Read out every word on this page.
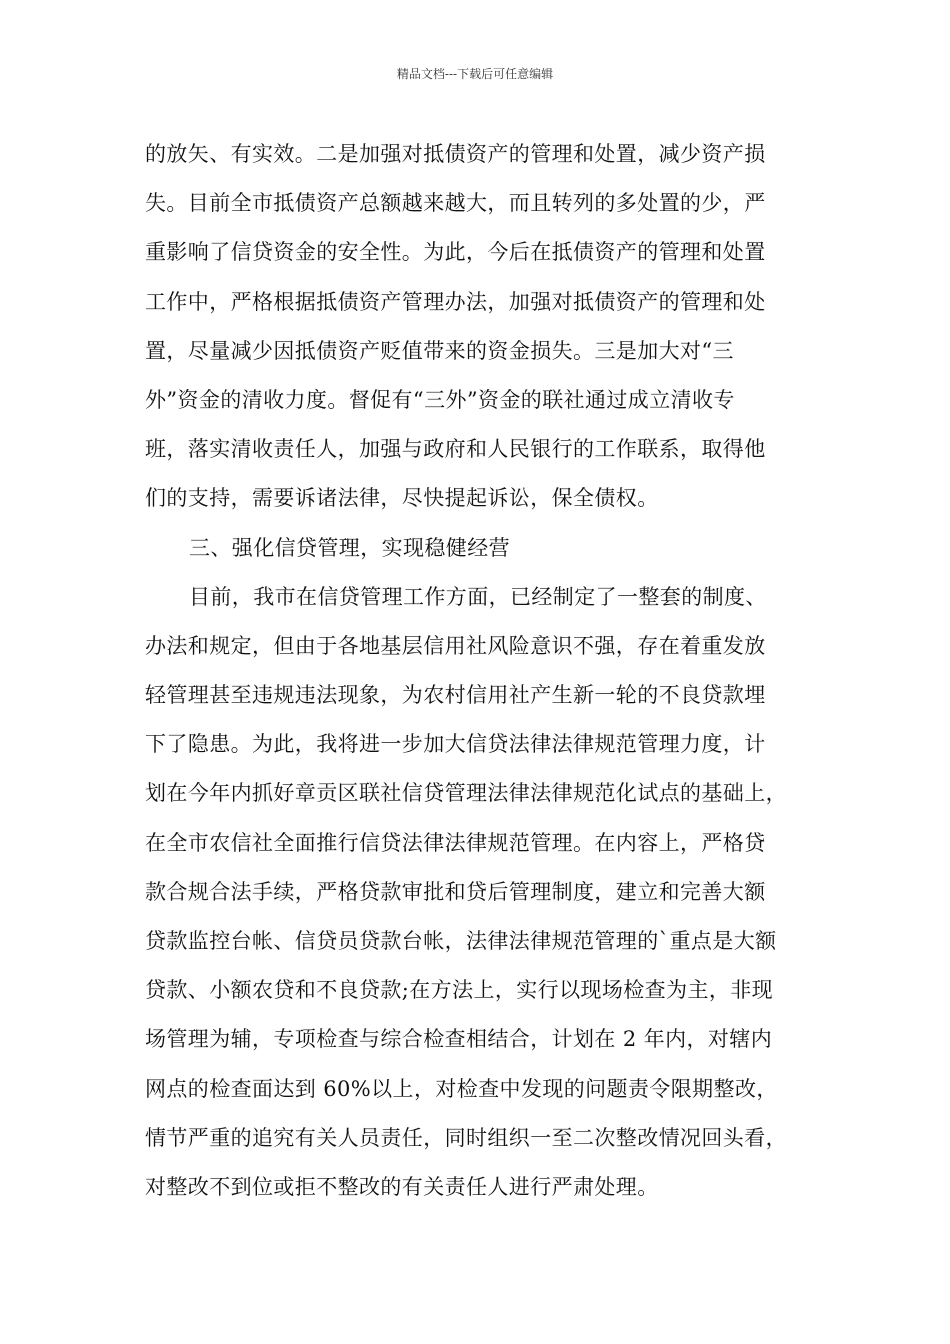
精品文档---下载后可任意编辑
的放矢、有实效。二是加强对抵债资产的管理和处置，减少资产损
失。目前全市抵债资产总额越来越大，而且转列的多处置的少，严
重影响了信贷资金的安全性。为此，今后在抵债资产的管理和处置
工作中，严格根据抵债资产管理办法，加强对抵债资产的管理和处
置，尽量减少因抵债资产贬值带来的资金损失。三是加大对“三
外”资金的清收力度。督促有“三外”资金的联社通过成立清收专
班，落实清收责任人，加强与政府和人民银行的工作联系，取得他
们的支持，需要诉诸法律，尽快提起诉讼，保全债权。
三、强化信贷管理，实现稳健经营
目前，我市在信贷管理工作方面，已经制定了一整套的制度、
办法和规定，但由于各地基层信用社风险意识不强，存在着重发放
轻管理甚至违规违法现象，为农村信用社产生新一轮的不良贷款埋
下了隐患。为此，我将进一步加大信贷法律法律规范管理力度，计
划在今年内抓好章贡区联社信贷管理法律法律规范化试点的基础上，
在全市农信社全面推行信贷法律法律规范管理。在内容上，严格贷
款合规合法手续，严格贷款审批和贷后管理制度，建立和完善大额
贷款监控台帐、信贷员贷款台帐，法律法律规范管理的`重点是大额
贷款、小额农贷和不良贷款;在方法上，实行以现场检查为主，非现
场管理为辅，专项检查与综合检查相结合，计划在 2 年内，对辖内
网点的检查面达到 60%以上，对检查中发现的问题责令限期整改，
情节严重的追究有关人员责任，同时组织一至二次整改情况回头看，
对整改不到位或拒不整改的有关责任人进行严肃处理。
